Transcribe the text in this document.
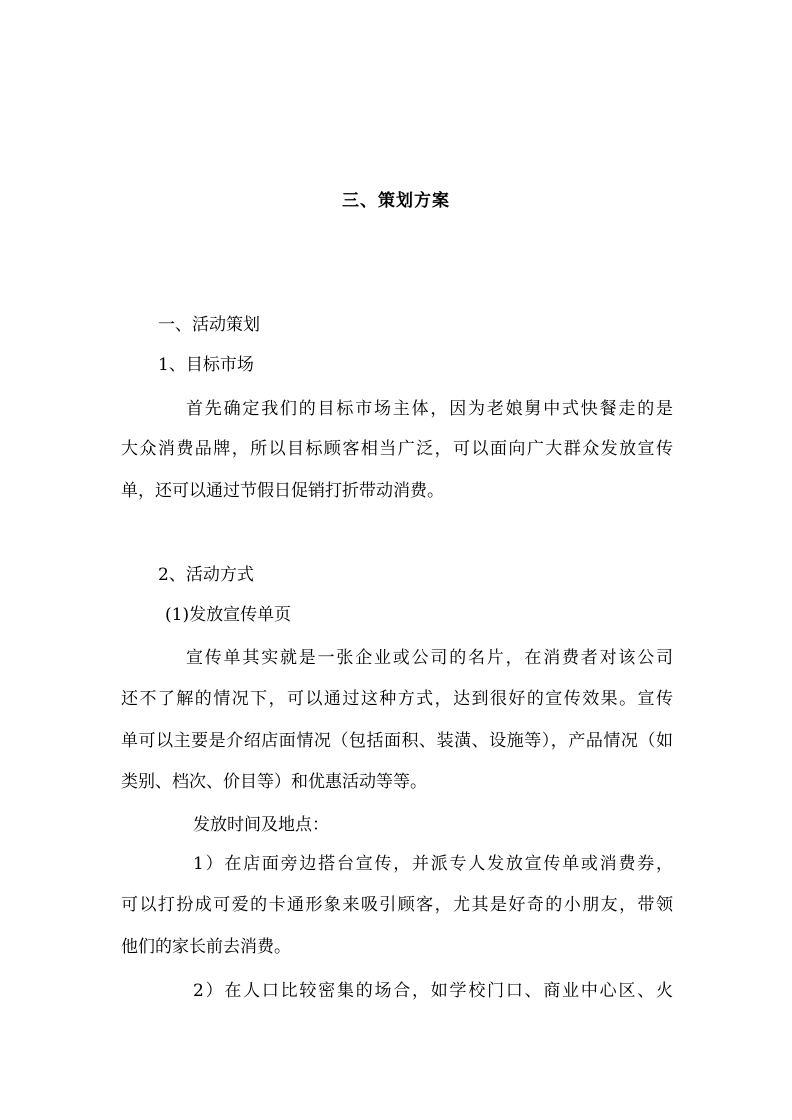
三、策划方案
一、活动策划
1、目标市场
首先确定我们的目标市场主体，因为老娘舅中式快餐走的是
大众消费品牌，所以目标顾客相当广泛，可以面向广大群众发放宣传
单，还可以通过节假日促销打折带动消费。
2、活动方式
(1)发放宣传单页
宣传单其实就是一张企业或公司的名片，在消费者对该公司
还不了解的情况下，可以通过这种方式，达到很好的宣传效果。宣传
单可以主要是介绍店面情况（包括面积、装潢、设施等），产品情况（如
类别、档次、价目等）和优惠活动等等。
发放时间及地点：
1）在店面旁边搭台宣传，并派专人发放宣传单或消费券，
可以打扮成可爱的卡通形象来吸引顾客，尤其是好奇的小朋友，带领
他们的家长前去消费。
2）在人口比较密集的场合，如学校门口、商业中心区、火
